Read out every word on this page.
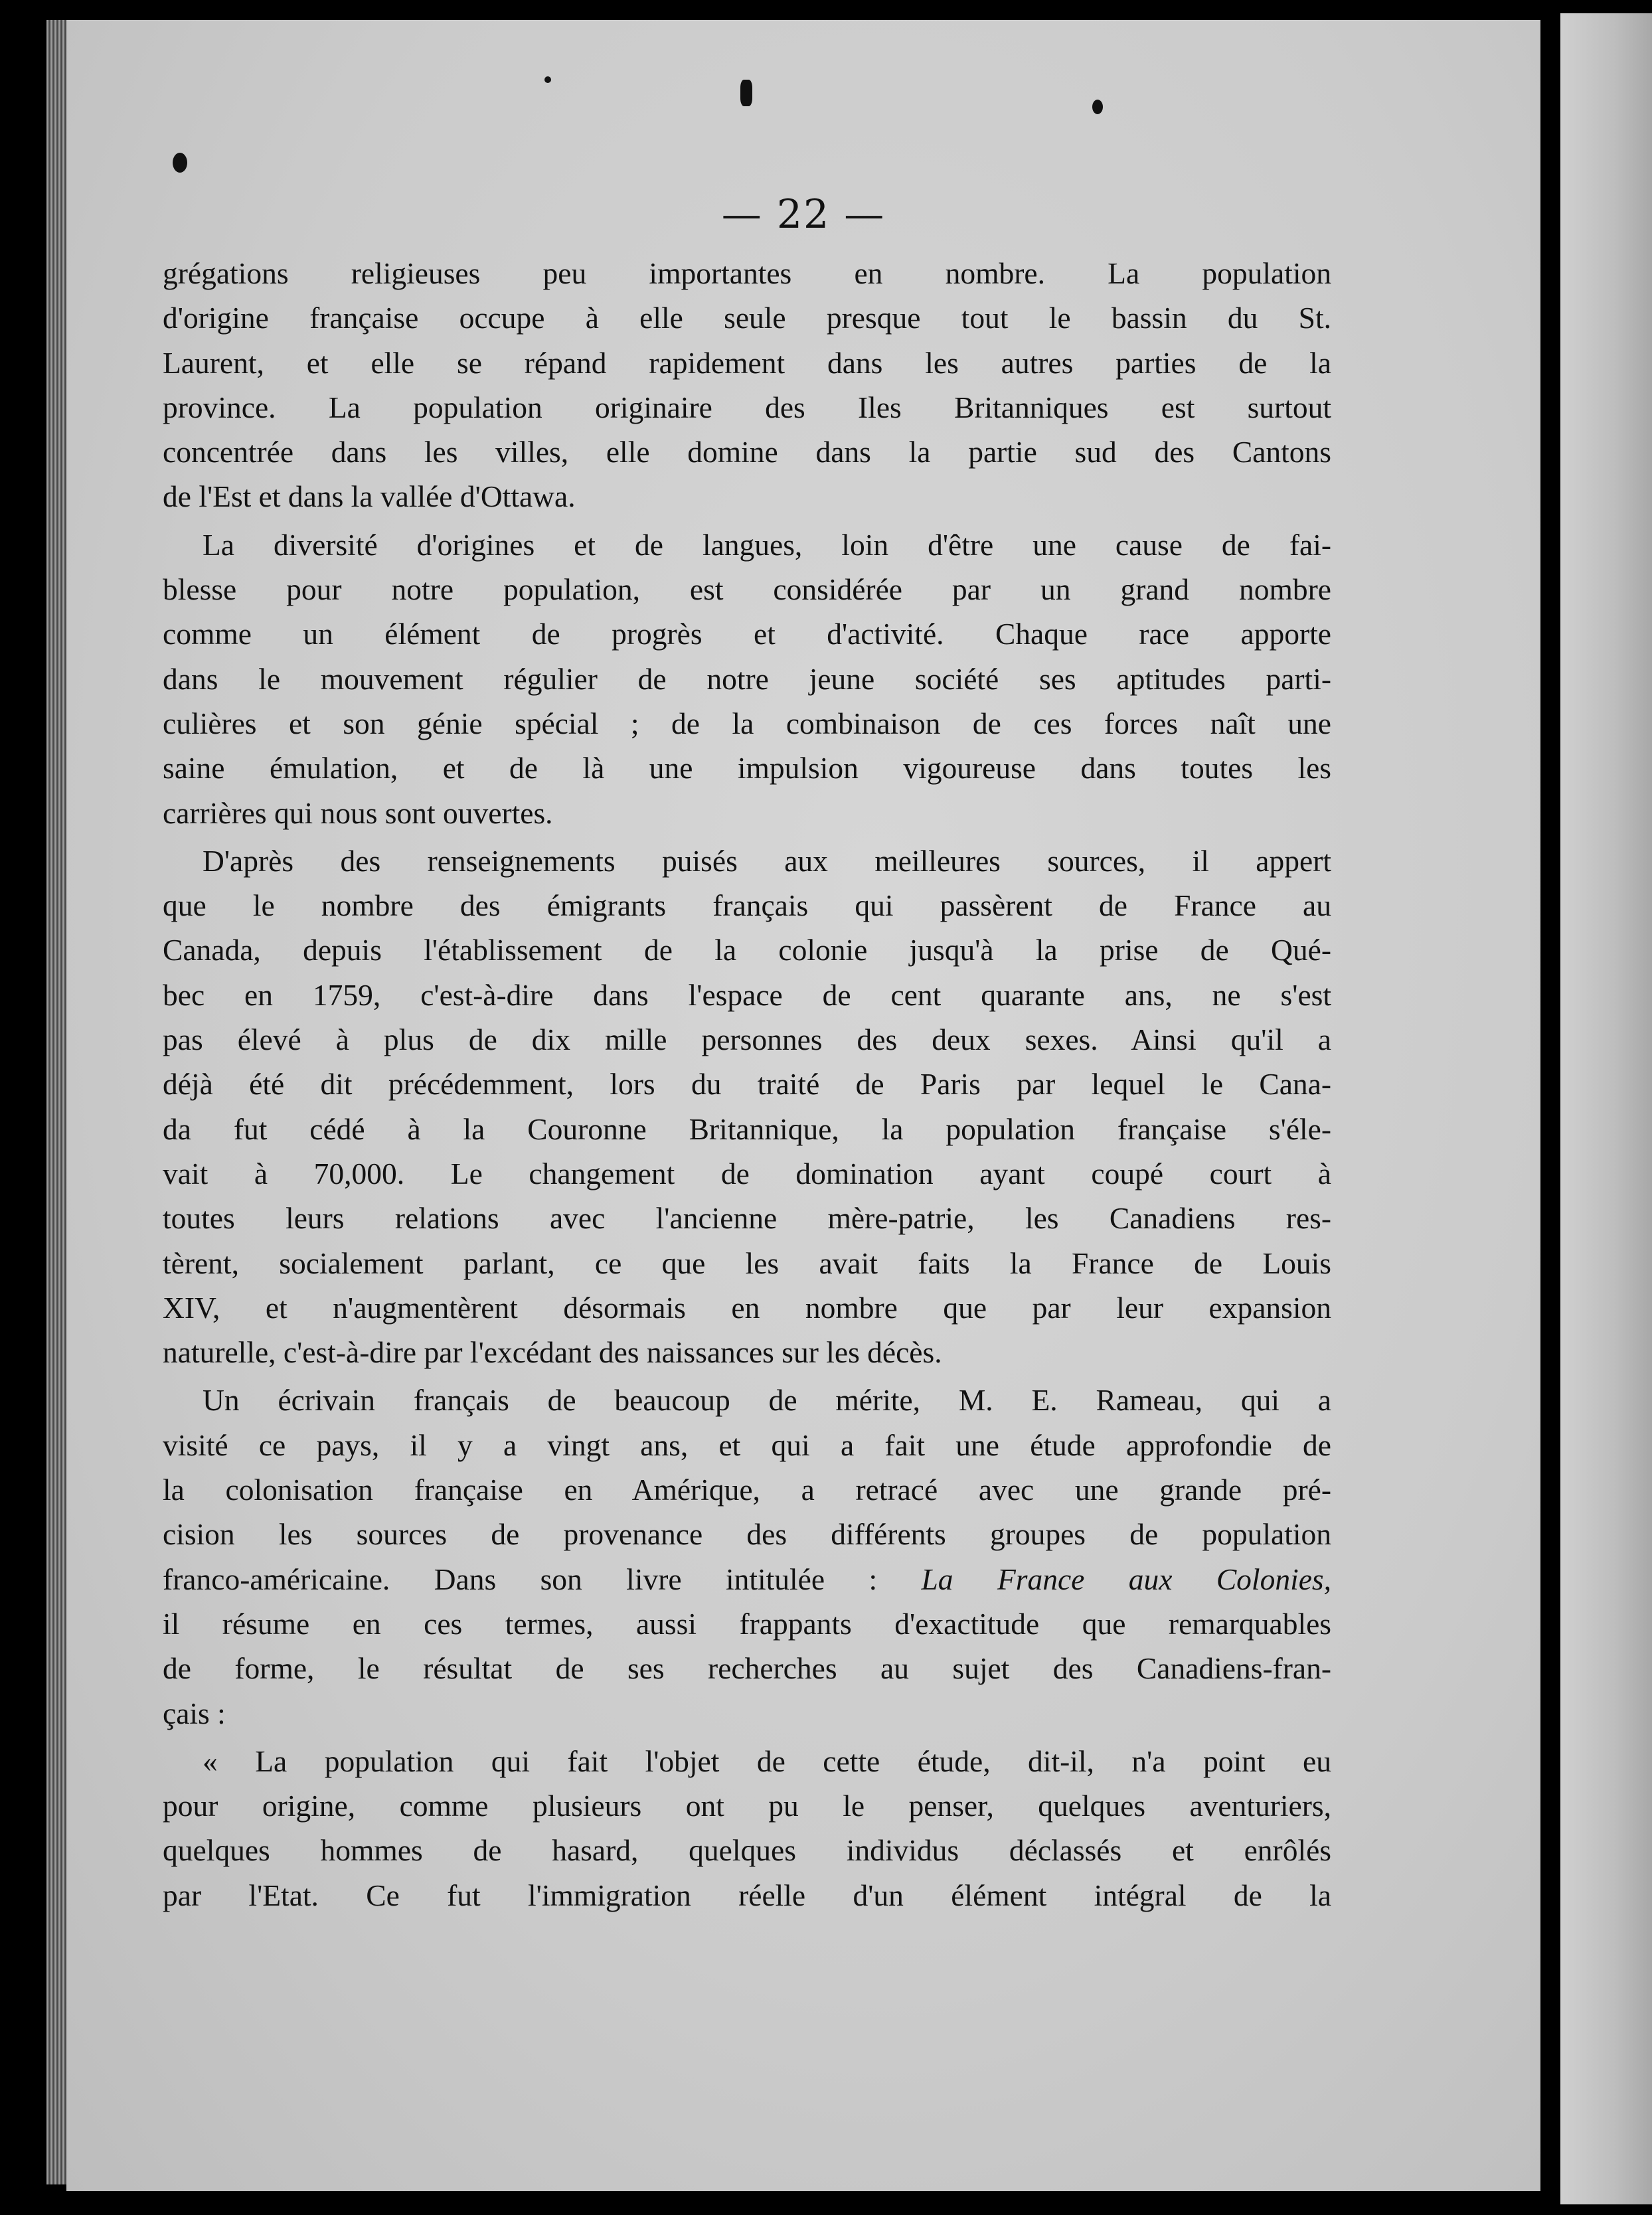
— 22 —
grégations religieuses peu importantes en nombre. La population
d'origine française occupe à elle seule presque tout le bassin du St.
Laurent, et elle se répand rapidement dans les autres parties de la
province. La population originaire des Iles Britanniques est surtout
concentrée dans les villes, elle domine dans la partie sud des Cantons
de l'Est et dans la vallée d'Ottawa.
La diversité d'origines et de langues, loin d'être une cause de fai-
blesse pour notre population, est considérée par un grand nombre
comme un élément de progrès et d'activité. Chaque race apporte
dans le mouvement régulier de notre jeune société ses aptitudes parti-
culières et son génie spécial ; de la combinaison de ces forces naît une
saine émulation, et de là une impulsion vigoureuse dans toutes les
carrières qui nous sont ouvertes.
D'après des renseignements puisés aux meilleures sources, il appert
que le nombre des émigrants français qui passèrent de France au
Canada, depuis l'établissement de la colonie jusqu'à la prise de Qué-
bec en 1759, c'est-à-dire dans l'espace de cent quarante ans, ne s'est
pas élevé à plus de dix mille personnes des deux sexes. Ainsi qu'il a
déjà été dit précédemment, lors du traité de Paris par lequel le Cana-
da fut cédé à la Couronne Britannique, la population française s'éle-
vait à 70,000. Le changement de domination ayant coupé court à
toutes leurs relations avec l'ancienne mère-patrie, les Canadiens res-
tèrent, socialement parlant, ce que les avait faits la France de Louis
XIV, et n'augmentèrent désormais en nombre que par leur expansion
naturelle, c'est-à-dire par l'excédant des naissances sur les décès.
Un écrivain français de beaucoup de mérite, M. E. Rameau, qui a
visité ce pays, il y a vingt ans, et qui a fait une étude approfondie de
la colonisation française en Amérique, a retracé avec une grande pré-
cision les sources de provenance des différents groupes de population
franco-américaine. Dans son livre intitulée : La France aux Colonies,
il résume en ces termes, aussi frappants d'exactitude que remarquables
de forme, le résultat de ses recherches au sujet des Canadiens-fran-
çais :
« La population qui fait l'objet de cette étude, dit-il, n'a point eu
pour origine, comme plusieurs ont pu le penser, quelques aventuriers,
quelques hommes de hasard, quelques individus déclassés et enrôlés
par l'Etat. Ce fut l'immigration réelle d'un élément intégral de la
